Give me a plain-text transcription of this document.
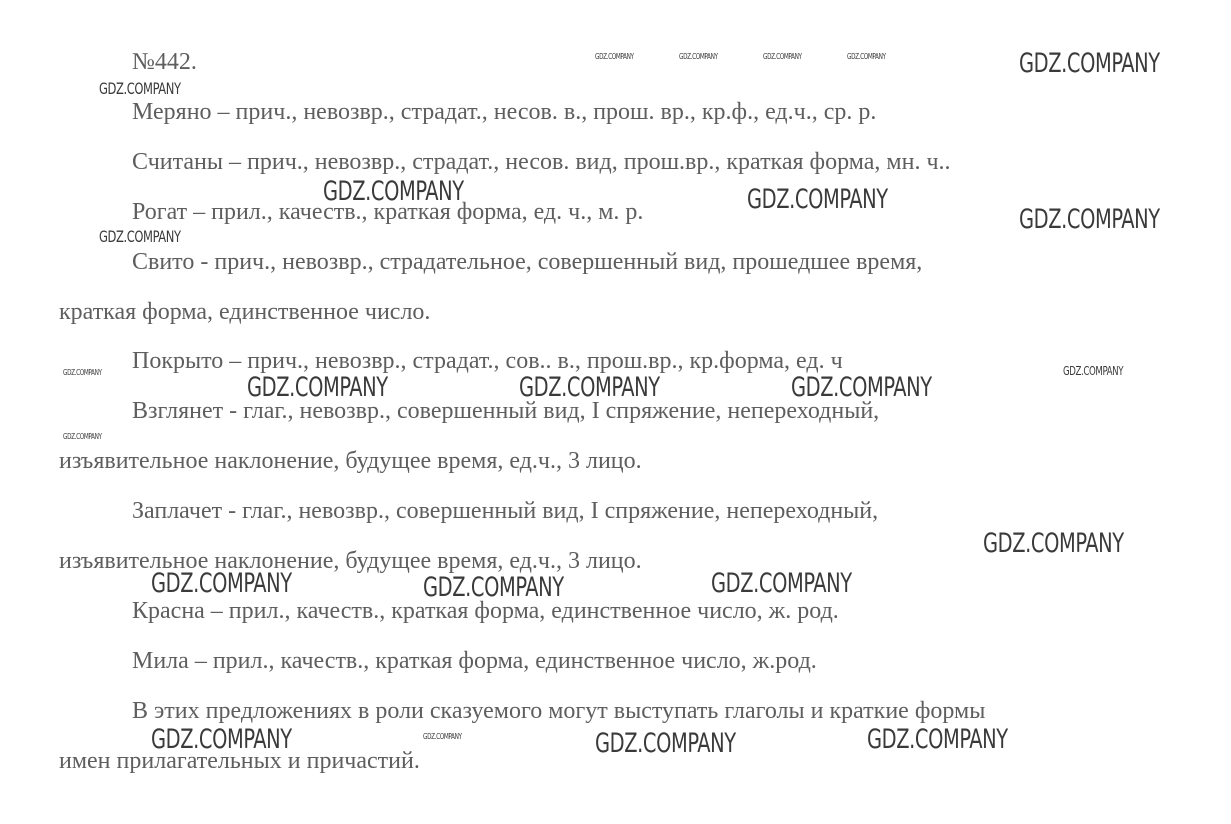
№442.
Меряно – прич., невозвр., страдат., несов. в., прош. вр., кр.ф., ед.ч., ср. р.
Считаны – прич., невозвр., страдат., несов. вид, прош.вр., краткая форма, мн. ч..
Рогат – прил., качеств., краткая форма, ед. ч., м. р.
Свито - прич., невозвр., страдательное, совершенный вид, прошедшее время,
краткая форма, единственное число.
Покрыто – прич., невозвр., страдат., сов.. в., прош.вр., кр.форма, ед. ч
Взглянет - глаг., невозвр., совершенный вид, I спряжение, непереходный,
изъявительное наклонение, будущее время, ед.ч., 3 лицо.
Заплачет - глаг., невозвр., совершенный вид, I спряжение, непереходный,
изъявительное наклонение, будущее время, ед.ч., 3 лицо.
Красна – прил., качеств., краткая форма, единственное число, ж. род.
Мила – прил., качеств., краткая форма, единственное число, ж.род.
В этих предложениях в роли сказуемого могут выступать глаголы и краткие формы
имен прилагательных и причастий.
GDZ.COMPANY
GDZ.COMPANY
GDZ.COMPANY	GDZ.COMPANY	GDZ.COMPANY	GDZ.COMPANY
GDZ.COMPANY	GDZ.COMPANY
GDZ.COMPANY
GDZ.COMPANY
GDZ.COMPANY
GDZ.COMPANY	GDZ.COMPANY	GDZ.COMPANY	GDZ.COMPANY
GDZ.COMPANY
GDZ.COMPANY
GDZ.COMPANY	GDZ.COMPANY	GDZ.COMPANY
GDZ.COMPANY	GDZ.COMPANY	GDZ.COMPANY	GDZ.COMPANY
